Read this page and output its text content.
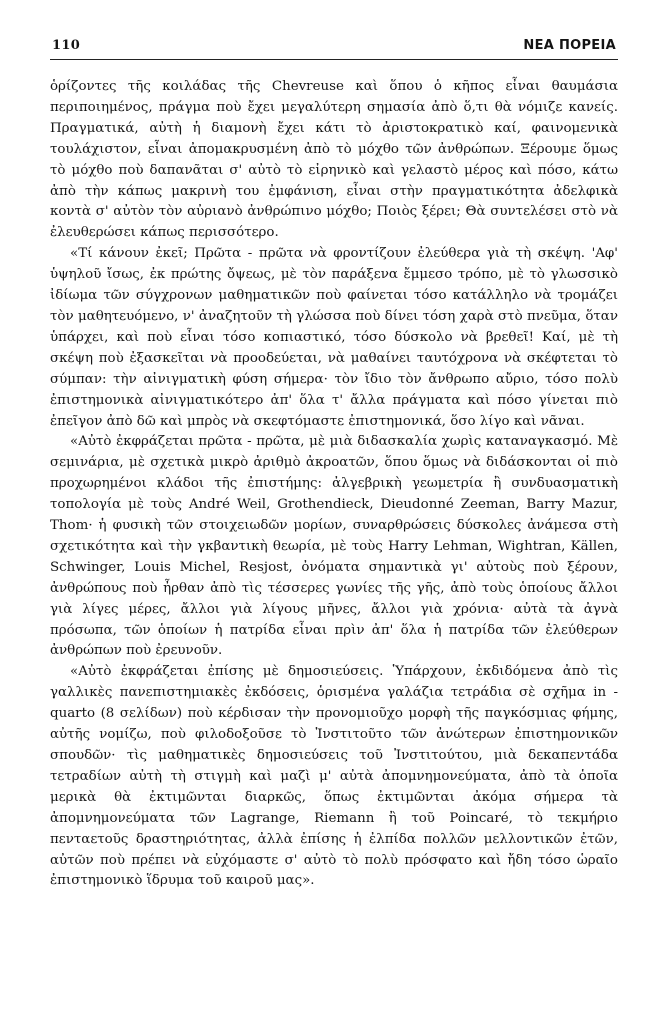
110	ΝΕΑ ΠΟΡΕΙΑ

ὁρίζοντες τῆς κοιλάδας τῆς Chevreuse καὶ ὅπου ὁ κῆπος εἶναι θαυμάσια περιποιημένος, πράγμα ποὺ ἔχει μεγαλύτερη σημασία ἀπὸ ὅ,τι θὰ νόμιζε κανείς. Πραγματικά, αὐτὴ ἡ διαμονὴ ἔχει κάτι τὸ ἀριστοκρατικὸ καί, φαινομενικὰ τουλάχιστον, εἶναι ἀπομακρυσμένη ἀπὸ τὸ μόχθο τῶν ἀνθρώπων. Ξέρουμε ὅμως τὸ μόχθο ποὺ δαπανᾶται σ' αὐτὸ τὸ εἰρηνικὸ καὶ γελαστὸ μέρος καὶ πόσο, κάτω ἀπὸ τὴν κάπως μακρινὴ του ἐμφάνιση, εἶναι στὴν πραγματικότητα ἀδελφικὰ κοντὰ σ' αὐτὸν τὸν αὐριανὸ ἀνθρώπινο μόχθο; Ποιὸς ξέρει; Θὰ συντελέσει στὸ νὰ ἐλευθερώσει κάπως περισσότερο.

«Τί κάνουν ἐκεῖ; Πρῶτα - πρῶτα νὰ φροντίζουν ἐλεύθερα γιὰ τὴ σκέψη. 'Αφ' ὑψηλοῦ ἴσως, ἐκ πρώτης ὄψεως, μὲ τὸν παράξενα ἔμμεσο τρόπο, μὲ τὸ γλωσσικὸ ἰδίωμα τῶν σύγχρονων μαθηματικῶν ποὺ φαίνεται τόσο κατάλληλο νὰ τρομάζει τὸν μαθητευόμενο, ν' ἀναζητοῦν τὴ γλώσσα ποὺ δίνει τόση χαρὰ στὸ πνεῦμα, ὅταν ὑπάρχει, καὶ ποὺ εἶναι τόσο κοπιαστικό, τόσο δύσκολο νὰ βρεθεῖ! Καί, μὲ τὴ σκέψη ποὺ ἐξασκεῖται νὰ προοδεύεται, νὰ μαθαίνει ταυτόχρονα νὰ σκέφτεται τὸ σύμπαν: τὴν αἰνιγματικὴ φύση σήμερα· τὸν ἴδιο τὸν ἄνθρωπο αὔριο, τόσο πολὺ ἐπιστημονικὰ αἰνιγματικότερο ἀπ' ὅλα τ' ἄλλα πράγματα καὶ πόσο γίνεται πιὸ ἐπεῖγον ἀπὸ δῶ καὶ μπρὸς νὰ σκεφτόμαστε ἐπιστημονικά, ὅσο λίγο καὶ νᾶναι.

«Αὐτὸ ἐκφράζεται πρῶτα - πρῶτα, μὲ μιὰ διδασκαλία χωρὶς καταναγκασμό. Μὲ σεμινάρια, μὲ σχετικὰ μικρὸ ἀριθμὸ ἀκροατῶν, ὅπου ὅμως νὰ διδάσκονται οἱ πιὸ προχωρημένοι κλάδοι τῆς ἐπιστήμης: ἀλγεβρικὴ γεωμετρία ἢ συνδυασματικὴ τοπολογία μὲ τοὺς André Weil, Grothendieck, Dieudonné Zeeman, Barry Mazur, Thom· ἡ φυσικὴ τῶν στοιχειωδῶν μορίων, συναρθρώσεις δύσκολες ἀνάμεσα στὴ σχετικότητα καὶ τὴν γκβαντικὴ θεωρία, μὲ τοὺς Harry Lehman, Wightran, Källen, Schwinger, Louis Michel, Resjost, ὀνόματα σημαντικὰ γι' αὐτοὺς ποὺ ξέρουν, ἀνθρώπους ποὺ ἦρθαν ἀπὸ τὶς τέσσερες γωνίες τῆς γῆς, ἀπὸ τοὺς ὁποίους ἄλλοι γιὰ λίγες μέρες, ἄλλοι γιὰ λίγους μῆνες, ἄλλοι γιὰ χρόνια· αὐτὰ τὰ ἀγνὰ πρόσωπα, τῶν ὁποίων ἡ πατρίδα εἶναι πρὶν ἀπ' ὅλα ἡ πατρίδα τῶν ἐλεύθερων ἀνθρώπων ποὺ ἐρευνοῦν.

«Αὐτὸ ἐκφράζεται ἐπίσης μὲ δημοσιεύσεις. Ὑπάρχουν, ἐκδιδόμενα ἀπὸ τὶς γαλλικὲς πανεπιστημιακὲς ἐκδόσεις, ὁρισμένα γαλάζια τετράδια σὲ σχῆμα in - quarto (8 σελίδων) ποὺ κέρδισαν τὴν προνομιοῦχο μορφὴ τῆς παγκόσμιας φήμης, αὐτῆς νομίζω, ποὺ φιλοδοξοῦσε τὸ Ἰνστιτοῦτο τῶν ἀνώτερων ἐπιστημονικῶν σπουδῶν· τὶς μαθηματικὲς δημοσιεύσεις τοῦ Ἰνστιτούτου, μιὰ δεκαπεντάδα τετραδίων αὐτὴ τὴ στιγμὴ καὶ μαζὶ μ' αὐτὰ ἀπομνημονεύματα, ἀπὸ τὰ ὁποῖα μερικὰ θὰ ἐκτιμῶνται διαρκῶς, ὅπως ἐκτιμῶνται ἀκόμα σήμερα τὰ ἀπομνημονεύματα τῶν Lagrange, Riemann ἢ τοῦ Poincaré, τὸ τεκμήριο πενταετοῦς δραστηριότητας, ἀλλὰ ἐπίσης ἡ ἐλπίδα πολλῶν μελλοντικῶν ἐτῶν, αὐτῶν ποὺ πρέπει νὰ εὐχόμαστε σ' αὐτὸ τὸ πολὺ πρόσφατο καὶ ἤδη τόσο ὡραῖο ἐπιστημονικὸ ἵδρυμα τοῦ καιροῦ μας».
